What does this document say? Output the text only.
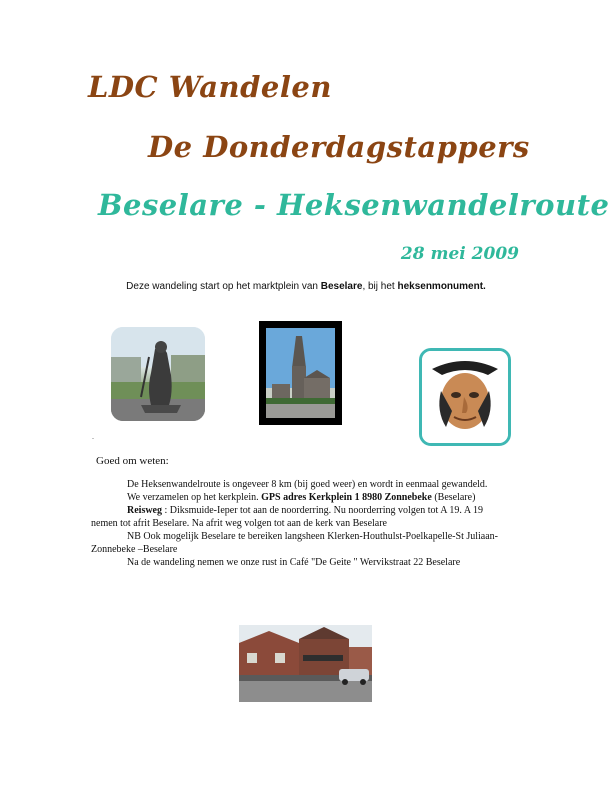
LDC Wandelen
De Donderdagstappers
Beselare - Heksenwandelroute
28 mei 2009
Deze wandeling start op het marktplein van Beselare, bij het heksenmonument.
.
Goed om weten:

De Heksenwandelroute is ongeveer 8 km (bij goed weer) en wordt in eenmaal gewandeld.

We verzamelen op het kerkplein. GPS adres Kerkplein 1 8980 Zonnebeke (Beselare)

Reisweg : Diksmuide-Ieper tot aan de noorderring. Nu noorderring volgen tot A 19. A 19 nemen tot afrit Beselare. Na afrit weg volgen tot aan de kerk van Beselare

NB Ook mogelijk Beselare te bereiken langsheen Klerken-Houthulst-Poelkapelle-St Juliaan-Zonnebeke –Beselare

Na de wandeling nemen we onze rust in Café "De Geite " Wervikstraat 22 Beselare
